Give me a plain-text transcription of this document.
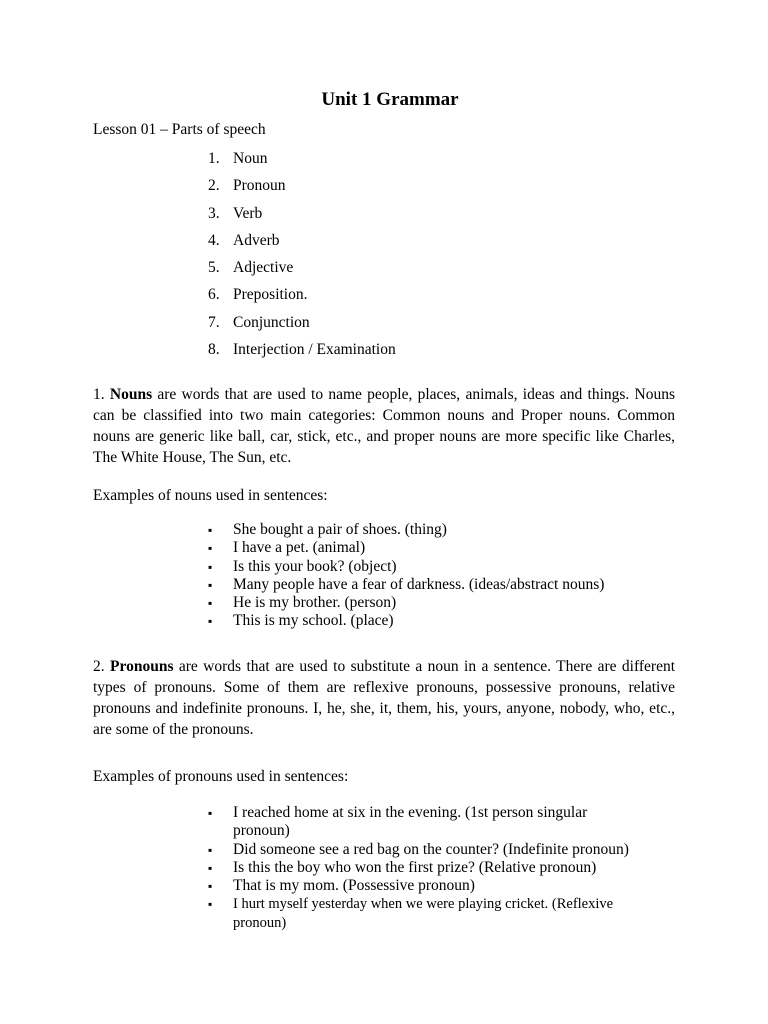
Unit 1 Grammar
Lesson 01 – Parts of speech
1. Noun
2. Pronoun
3. Verb
4. Adverb
5. Adjective
6. Preposition.
7. Conjunction
8. Interjection / Examination

1. Nouns are words that are used to name people, places, animals, ideas and things. Nouns can be classified into two main categories: Common nouns and Proper nouns. Common nouns are generic like ball, car, stick, etc., and proper nouns are more specific like Charles, The White House, The Sun, etc.

Examples of nouns used in sentences:
▪	She bought a pair of shoes. (thing)
▪	I have a pet. (animal)
▪	Is this your book? (object)
▪	Many people have a fear of darkness. (ideas/abstract nouns)
▪	He is my brother. (person)
▪	This is my school. (place)

2. Pronouns are words that are used to substitute a noun in a sentence. There are different types of pronouns. Some of them are reflexive pronouns, possessive pronouns, relative pronouns and indefinite pronouns. I, he, she, it, them, his, yours, anyone, nobody, who, etc., are some of the pronouns.

Examples of pronouns used in sentences:
▪	I reached home at six in the evening. (1st person singular
pronoun)
▪	Did someone see a red bag on the counter? (Indefinite pronoun)
▪	Is this the boy who won the first prize? (Relative pronoun)
▪	That is my mom. (Possessive pronoun)
▪	I hurt myself yesterday when we were playing cricket. (Reflexive
pronoun)
